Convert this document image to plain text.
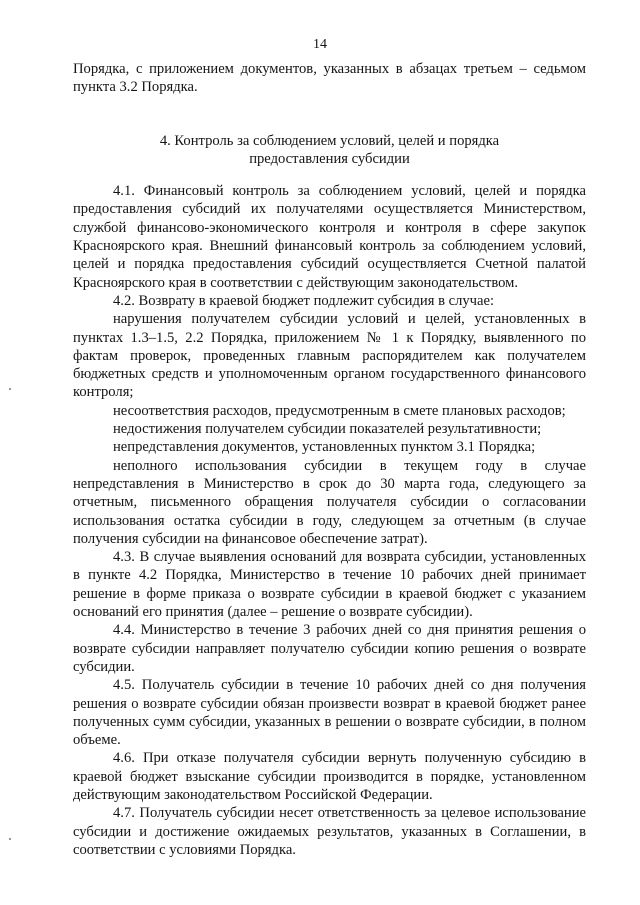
14

Порядка, с приложением документов, указанных в абзацах третьем – седьмом пункта 3.2 Порядка.

4. Контроль за соблюдением условий, целей и порядка
предоставления субсидии

4.1. Финансовый контроль за соблюдением условий, целей и порядка предоставления субсидий их получателями осуществляется Министерством, службой финансово-экономического контроля и контроля в сфере закупок Красноярского края. Внешний финансовый контроль за соблюдением условий, целей и порядка предоставления субсидий осуществляется Счетной палатой Красноярского края в соответствии с действующим законодательством.

4.2. Возврату в краевой бюджет подлежит субсидия в случае:

нарушения получателем субсидии условий и целей, установленных в пунктах 1.3–1.5, 2.2 Порядка, приложением № 1 к Порядку, выявленного по фактам проверок, проведенных главным распорядителем как получателем бюджетных средств и уполномоченным органом государственного финансового контроля;

несоответствия расходов, предусмотренным в смете плановых расходов;

недостижения получателем субсидии показателей результативности;

непредставления документов, установленных пунктом 3.1 Порядка;

неполного использования субсидии в текущем году в случае непредставления в Министерство в срок до 30 марта года, следующего за отчетным, письменного обращения получателя субсидии о согласовании использования остатка субсидии в году, следующем за отчетным (в случае получения субсидии на финансовое обеспечение затрат).

4.3. В случае выявления оснований для возврата субсидии, установленных в пункте 4.2 Порядка, Министерство в течение 10 рабочих дней принимает решение в форме приказа о возврате субсидии в краевой бюджет с указанием оснований его принятия (далее – решение о возврате субсидии).

4.4. Министерство в течение 3 рабочих дней со дня принятия решения о возврате субсидии направляет получателю субсидии копию решения о возврате субсидии.

4.5. Получатель субсидии в течение 10 рабочих дней со дня получения решения о возврате субсидии обязан произвести возврат в краевой бюджет ранее полученных сумм субсидии, указанных в решении о возврате субсидии, в полном объеме.

4.6. При отказе получателя субсидии вернуть полученную субсидию в краевой бюджет взыскание субсидии производится в порядке, установленном действующим законодательством Российской Федерации.

4.7. Получатель субсидии несет ответственность за целевое использование субсидии и достижение ожидаемых результатов, указанных в Соглашении, в соответствии с условиями Порядка.
